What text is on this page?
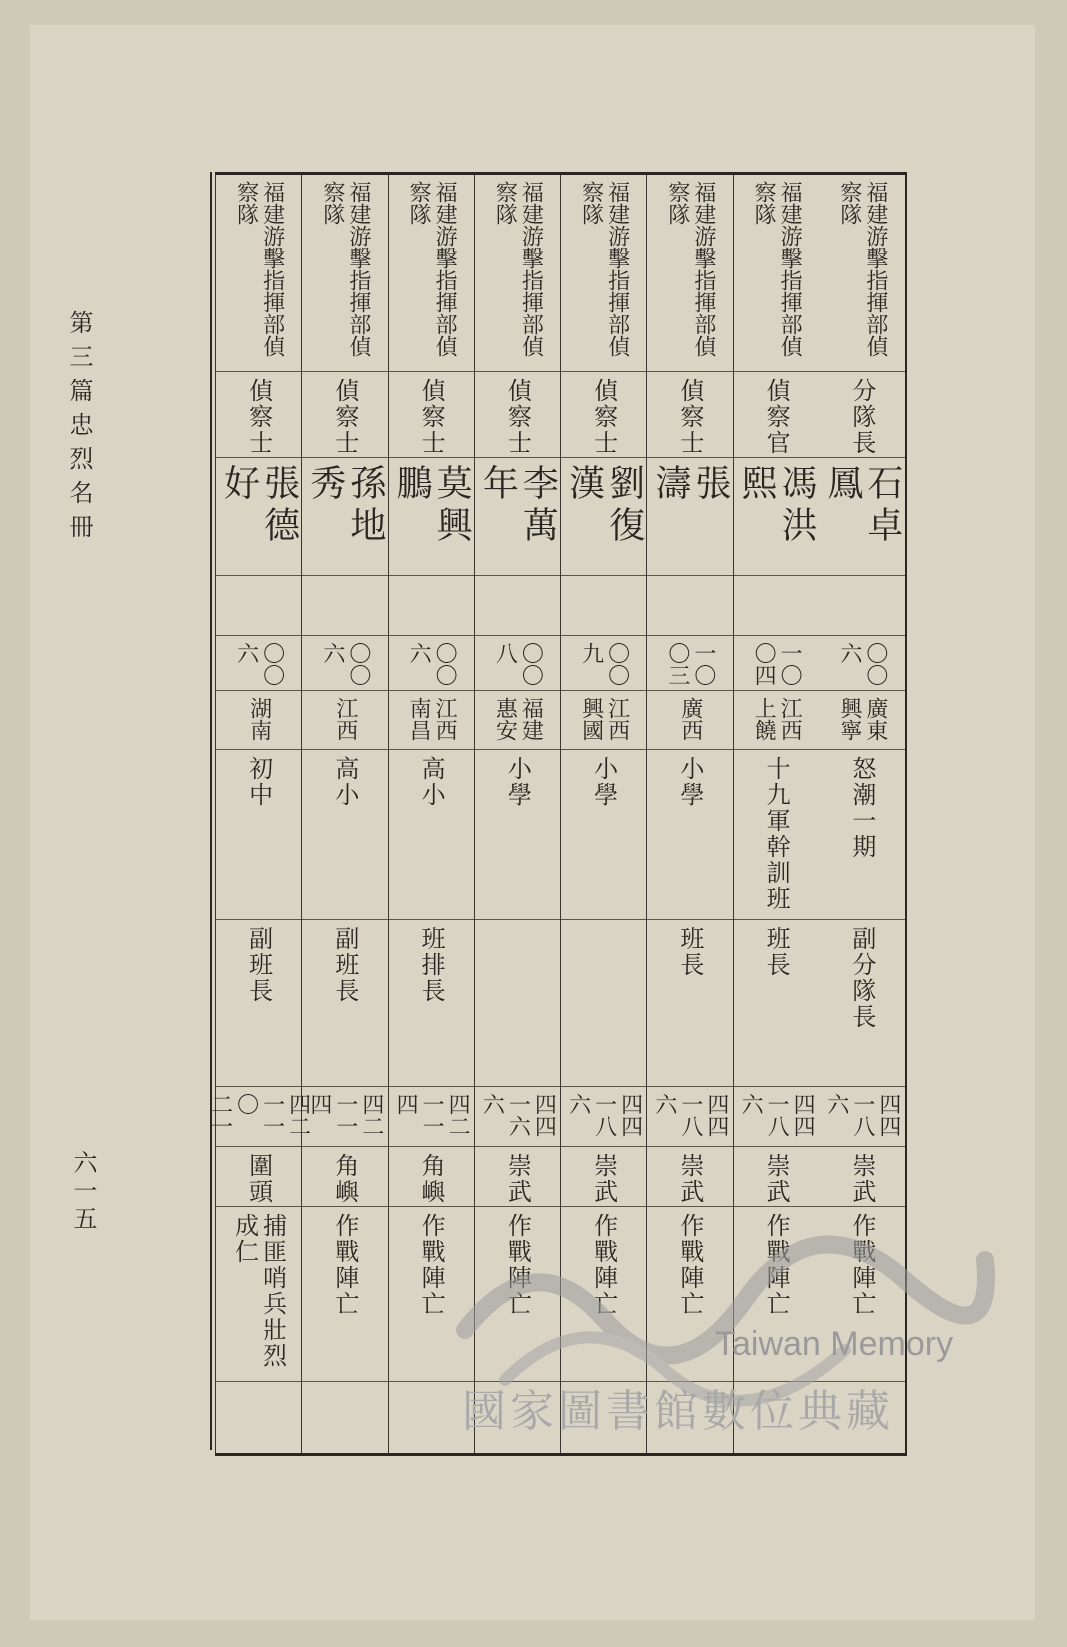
第三篇忠烈名冊
六一五
福建游擊指揮部偵察隊
分隊長
石卓鳳
〇〇六
廣東 興寧
怒潮一期
副分隊長
四四 一八六
崇武
作戰陣亡
福建游擊指揮部偵察隊
偵察官
馮洪熙
一〇〇四
江西 上饒
十九軍幹訓班
班長
四四 一八六
崇武
作戰陣亡
福建游擊指揮部偵察隊
偵察士
張　濤
一〇〇三
廣西
小學
班長
四四 一八六
崇武
作戰陣亡
福建游擊指揮部偵察隊
偵察士
劉復漢
〇〇九
江西 興國
小學
四四 一八六
崇武
作戰陣亡
福建游擊指揮部偵察隊
偵察士
李萬年
〇〇八
福建 惠安
小學
四四 一六六
崇武
作戰陣亡
福建游擊指揮部偵察隊
偵察士
莫興鵬
〇〇六
江西 南昌
高小
班排長
四二 一一四
角嶼
作戰陣亡
福建游擊指揮部偵察隊
偵察士
孫地秀
〇〇六
江西
高小
副班長
四二 一一四
角嶼
作戰陣亡
福建游擊指揮部偵察隊
偵察士
張德好
〇〇六
湖南
初中
副班長
四二 一一〇 二一
圍頭
捕匪哨兵壯烈成仁
Taiwan Memory
國家圖書館數位典藏
